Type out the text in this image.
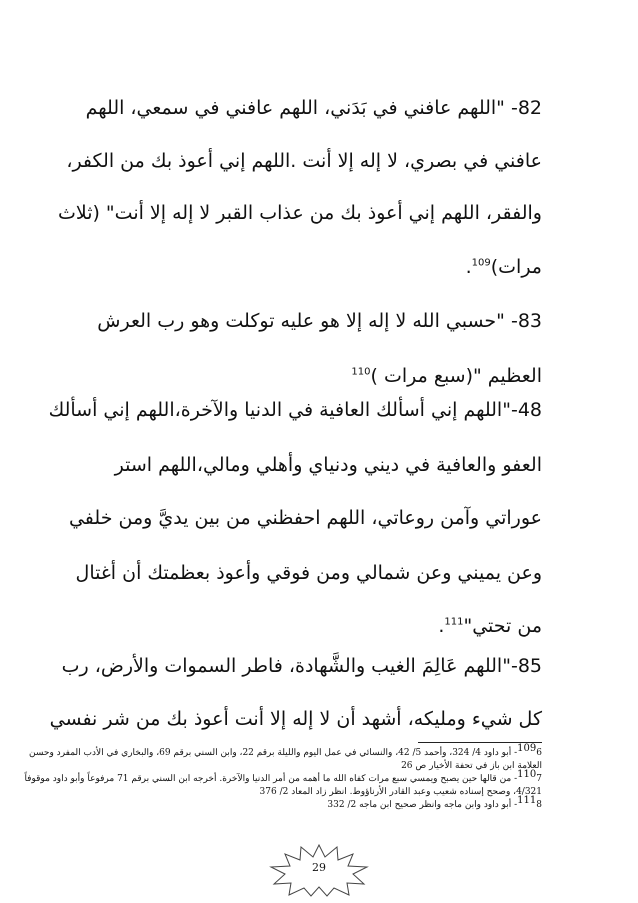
82- "اللهم عافني في بَدَني، اللهم عافني في سمعي، اللهم
عافني في بصري، لا إله إلا أنت .اللهم إني أعوذ بك من الكفر،
والفقر، اللهم إني أعوذ بك من عذاب القبر لا إله إلا أنت" (ثلاث
مرات)$^{109}$.
83- "حسبي الله لا إله إلا هو عليه توكلت وهو رب العرش
العظيم "(سبع مرات )$^{110}$
48-"اللهم إني أسألك العافية في الدنيا والآخرة،اللهم إني أسألك
العفو والعافية في ديني ودنياي وأهلي ومالي،اللهم استر
عوراتي وآمن روعاتي، اللهم احفظني من بين يديَّ ومن خلفي
وعن يميني وعن شمالي ومن فوقي وأعوذ بعظمتك أن أغتال
من تحتي"$^{111}$.
85-"اللهم عَالِمَ الغيب والشَّهادة، فاطر السموات والأرض، رب
كل شيء ومليكه، أشهد أن لا إله إلا أنت أعوذ بك من شر نفسي
$^{109}$6- أبو داود 4/ 324، وأحمد 5/ 42، والنسائي في عمل اليوم والليلة برقم 22، وابن السني برقم 69، والبخاري في الأدب المفرد وحسن
العلامة ابن باز في تحفة الأخيار ص 26
$^{110}$7- من قالها حين يصبح ويمسي سبع مرات كفاه الله ما أهمه من أمر الدنيا والآخرة. أخرجه ابن السني برقم 71 مرفوعاً وأبو داود موقوفاً
4/321، وصحح إسناده شعيب وعبد القادر الأرناؤوط. انظر زاد المعاد 2/ 376
$^{111}$8- أبو داود وابن ماجه وانظر صحيح ابن ماجه 2/ 332
29
